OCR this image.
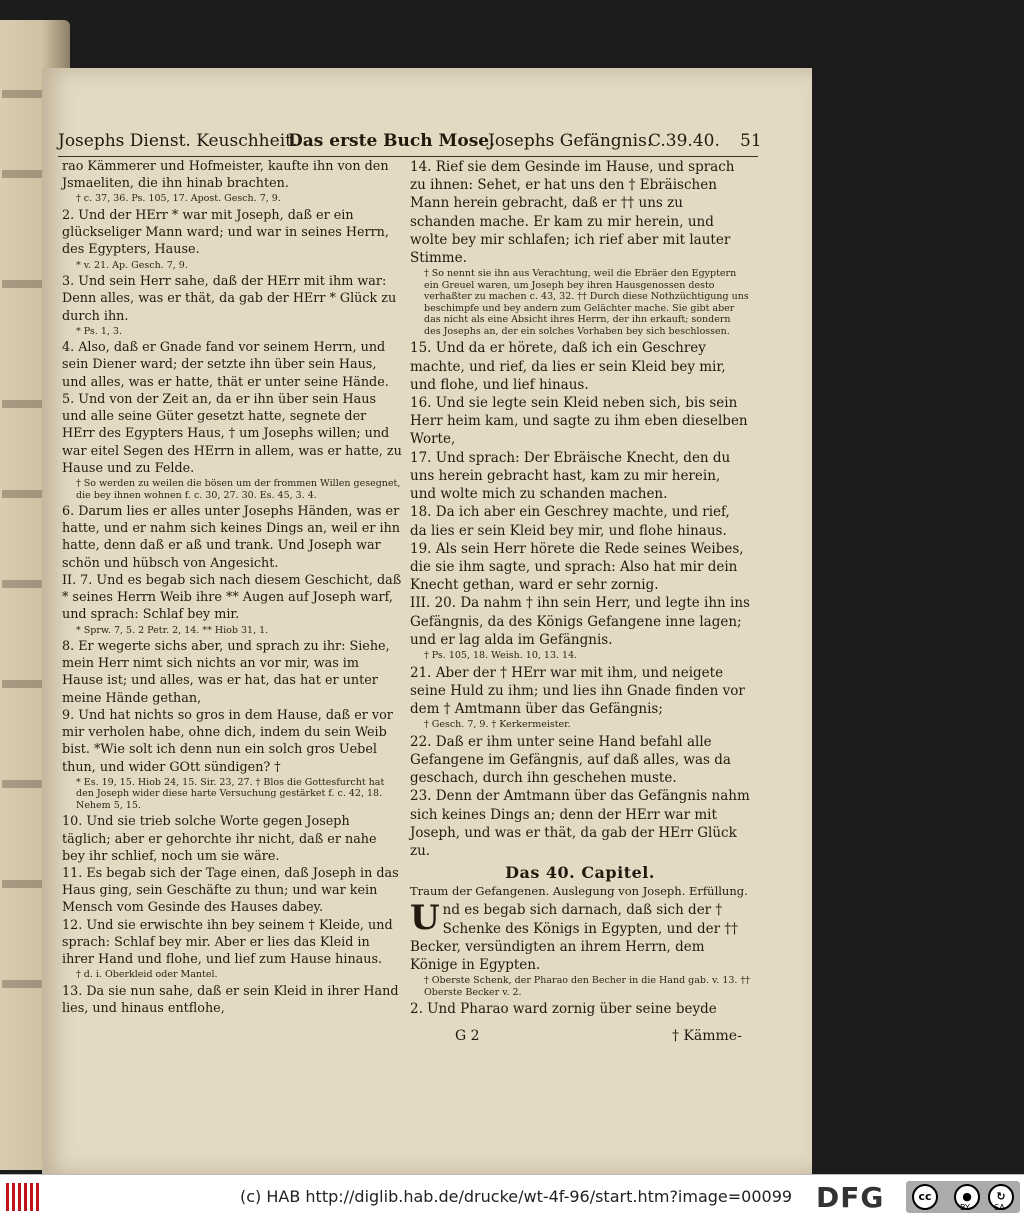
Josephs Dienst. Keuschheit.
Das erste Buch Mose.
Josephs Gefängnis.
C.39.40. 51

rao Kämmerer und Hofmeister, kaufte ihn von den Jsmaeliten, die ihn hinab brachten.

† c. 37, 36. Ps. 105, 17. Apost. Gesch. 7, 9.

2. Und der HErr * war mit Joseph, daß er ein glückseliger Mann ward; und war in seines Herrn, des Egypters, Hause.

* v. 21. Ap. Gesch. 7, 9.

3. Und sein Herr sahe, daß der HErr mit ihm war: Denn alles, was er thät, da gab der HErr * Glück zu durch ihn.

* Ps. 1, 3.

4. Also, daß er Gnade fand vor seinem Herrn, und sein Diener ward; der setzte ihn über sein Haus, und alles, was er hatte, thät er unter seine Hände.

5. Und von der Zeit an, da er ihn über sein Haus und alle seine Güter gesetzt hatte, segnete der HErr des Egypters Haus, † um Josephs willen; und war eitel Segen des HErrn in allem, was er hatte, zu Hause und zu Felde.

† So werden zu weilen die bösen um der frommen Willen gesegnet, die bey ihnen wohnen f. c. 30, 27. 30. Es. 45, 3. 4.

6. Darum lies er alles unter Josephs Händen, was er hatte, und er nahm sich keines Dings an, weil er ihn hatte, denn daß er aß und trank. Und Joseph war schön und hübsch von Angesicht.

II. 7. Und es begab sich nach diesem Geschicht, daß * seines Herrn Weib ihre ** Augen auf Joseph warf, und sprach: Schlaf bey mir.

* Sprw. 7, 5. 2 Petr. 2, 14. ** Hiob 31, 1.

8. Er wegerte sichs aber, und sprach zu ihr: Siehe, mein Herr nimt sich nichts an vor mir, was im Hause ist; und alles, was er hat, das hat er unter meine Hände gethan,

9. Und hat nichts so gros in dem Hause, daß er vor mir verholen habe, ohne dich, indem du sein Weib bist. *Wie solt ich denn nun ein solch gros Uebel thun, und wider GOtt sündigen? †

* Es. 19, 15. Hiob 24, 15. Sir. 23, 27. † Blos die Gottesfurcht hat den Joseph wider diese harte Versuchung gestärket f. c. 42, 18. Nehem 5, 15.

10. Und sie trieb solche Worte gegen Joseph täglich; aber er gehorchte ihr nicht, daß er nahe bey ihr schlief, noch um sie wäre.

11. Es begab sich der Tage einen, daß Joseph in das Haus ging, sein Geschäfte zu thun; und war kein Mensch vom Gesinde des Hauses dabey.

12. Und sie erwischte ihn bey seinem † Kleide, und sprach: Schlaf bey mir. Aber er lies das Kleid in ihrer Hand und flohe, und lief zum Hause hinaus.

† d. i. Oberkleid oder Mantel.

13. Da sie nun sahe, daß er sein Kleid in ihrer Hand lies, und hinaus entflohe,

14. Rief sie dem Gesinde im Hause, und sprach zu ihnen: Sehet, er hat uns den † Ebräischen Mann herein gebracht, daß er †† uns zu schanden mache. Er kam zu mir herein, und wolte bey mir schlafen; ich rief aber mit lauter Stimme.

† So nennt sie ihn aus Verachtung, weil die Ebräer den Egyptern ein Greuel waren, um Joseph bey ihren Hausgenossen desto verhaßter zu machen c. 43, 32. †† Durch diese Nothzüchtigung uns beschimpfe und bey andern zum Gelächter mache. Sie gibt aber das nicht als eine Absicht ihres Herrn, der ihn erkauft; sondern des Josephs an, der ein solches Vorhaben bey sich beschlossen.

15. Und da er hörete, daß ich ein Geschrey machte, und rief, da lies er sein Kleid bey mir, und flohe, und lief hinaus.

16. Und sie legte sein Kleid neben sich, bis sein Herr heim kam, und sagte zu ihm eben dieselben Worte,

17. Und sprach: Der Ebräische Knecht, den du uns herein gebracht hast, kam zu mir herein, und wolte mich zu schanden machen.

18. Da ich aber ein Geschrey machte, und rief, da lies er sein Kleid bey mir, und flohe hinaus.

19. Als sein Herr hörete die Rede seines Weibes, die sie ihm sagte, und sprach: Also hat mir dein Knecht gethan, ward er sehr zornig.

III. 20. Da nahm † ihn sein Herr, und legte ihn ins Gefängnis, da des Königs Gefangene inne lagen; und er lag alda im Gefängnis.

† Ps. 105, 18. Weish. 10, 13. 14.

21. Aber der † HErr war mit ihm, und neigete seine Huld zu ihm; und lies ihn Gnade finden vor dem † Amtmann über das Gefängnis;

† Gesch. 7, 9. † Kerkermeister.

22. Daß er ihm unter seine Hand befahl alle Gefangene im Gefängnis, auf daß alles, was da geschach, durch ihn geschehen muste.

23. Denn der Amtmann über das Gefängnis nahm sich keines Dings an; denn der HErr war mit Joseph, und was er thät, da gab der HErr Glück zu.

Das 40. Capitel.

Traum der Gefangenen. Auslegung von Joseph. Erfüllung.

Und es begab sich darnach, daß sich der † Schenke des Königs in Egypten, und der †† Becker, versündigten an ihrem Herrn, dem Könige in Egypten.

† Oberste Schenk, der Pharao den Becher in die Hand gab. v. 13. †† Oberste Becker v. 2.

2. Und Pharao ward zornig über seine beyde

G 2	† Kämme-
(c) HAB http://diglib.hab.de/drucke/wt-4f-96/start.htm?image=00099 DFG	cc	●	↻
BY	SA
